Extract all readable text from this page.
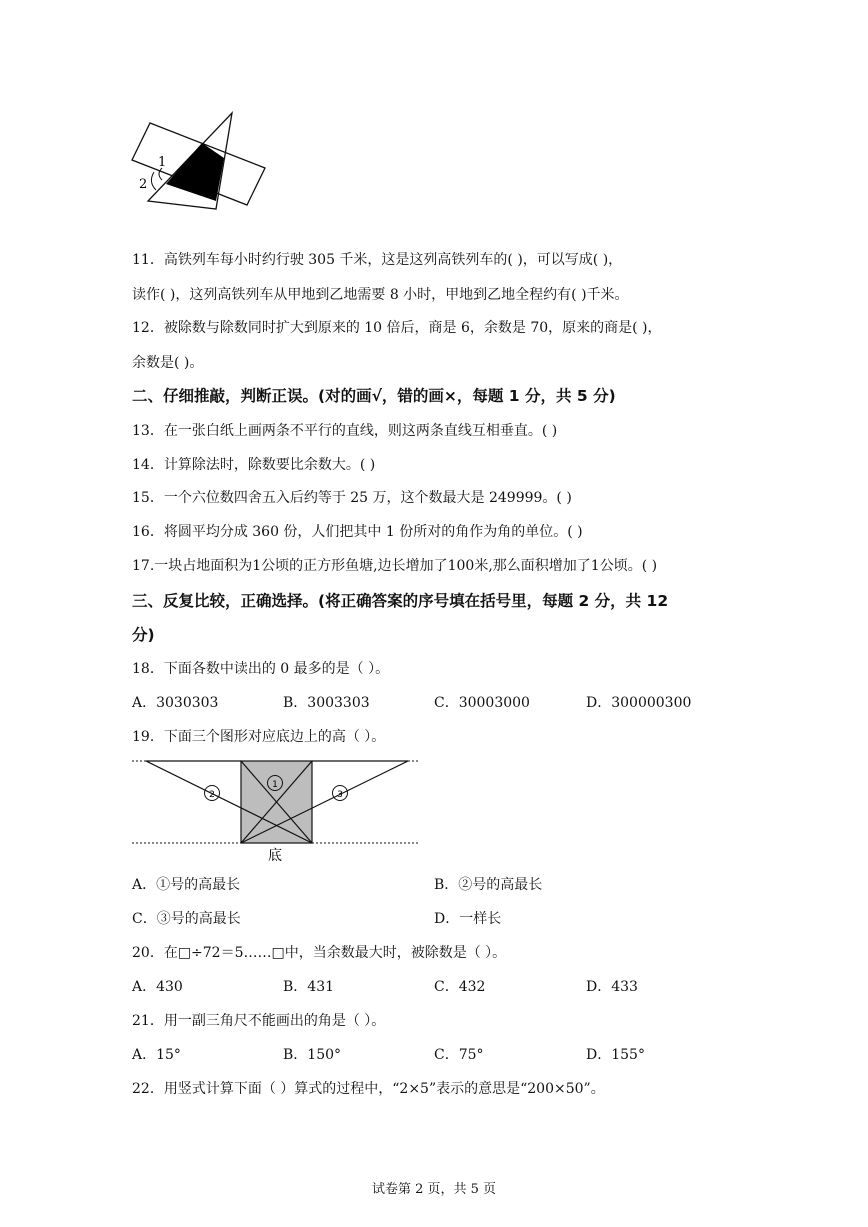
1
2
11．高铁列车每小时约行驶 305 千米，这是这列高铁列车的( )，可以写成( )，
读作( )，这列高铁列车从甲地到乙地需要 8 小时，甲地到乙地全程约有( )千米。
12．被除数与除数同时扩大到原来的 10 倍后，商是 6，余数是 70，原来的商是( )，
余数是( )。
二、仔细推敲，判断正误。(对的画√，错的画×，每题 1 分，共 5 分)
13．在一张白纸上画两条不平行的直线，则这两条直线互相垂直。( )
14．计算除法时，除数要比余数大。( )
15．一个六位数四舍五入后约等于 25 万，这个数最大是 249999。( )
16．将圆平均分成 360 份，人们把其中 1 份所对的角作为角的单位。( )
17.一块占地面积为1公顷的正方形鱼塘,边长增加了100米,那么面积增加了1公顷。( )
三、反复比较，正确选择。(将正确答案的序号填在括号里，每题 2 分，共 12
分)
18．下面各数中读出的 0 最多的是（ ）。
A．3030303	B．3003303	C．30003000	D．300000300
19．下面三个图形对应底边上的高（ ）。
底
1
2	3
A．①号的高最长	B．②号的高最长
C．③号的高最长	D．一样长
20．在□÷72＝5……□中，当余数最大时，被除数是（ ）。
A．430	B．431	C．432	D．433
21．用一副三角尺不能画出的角是（ ）。
A．15°	B．150°	C．75°	D．155°
22．用竖式计算下面（ ）算式的过程中，“2×5”表示的意思是“200×50”。
试卷第 2 页，共 5 页
